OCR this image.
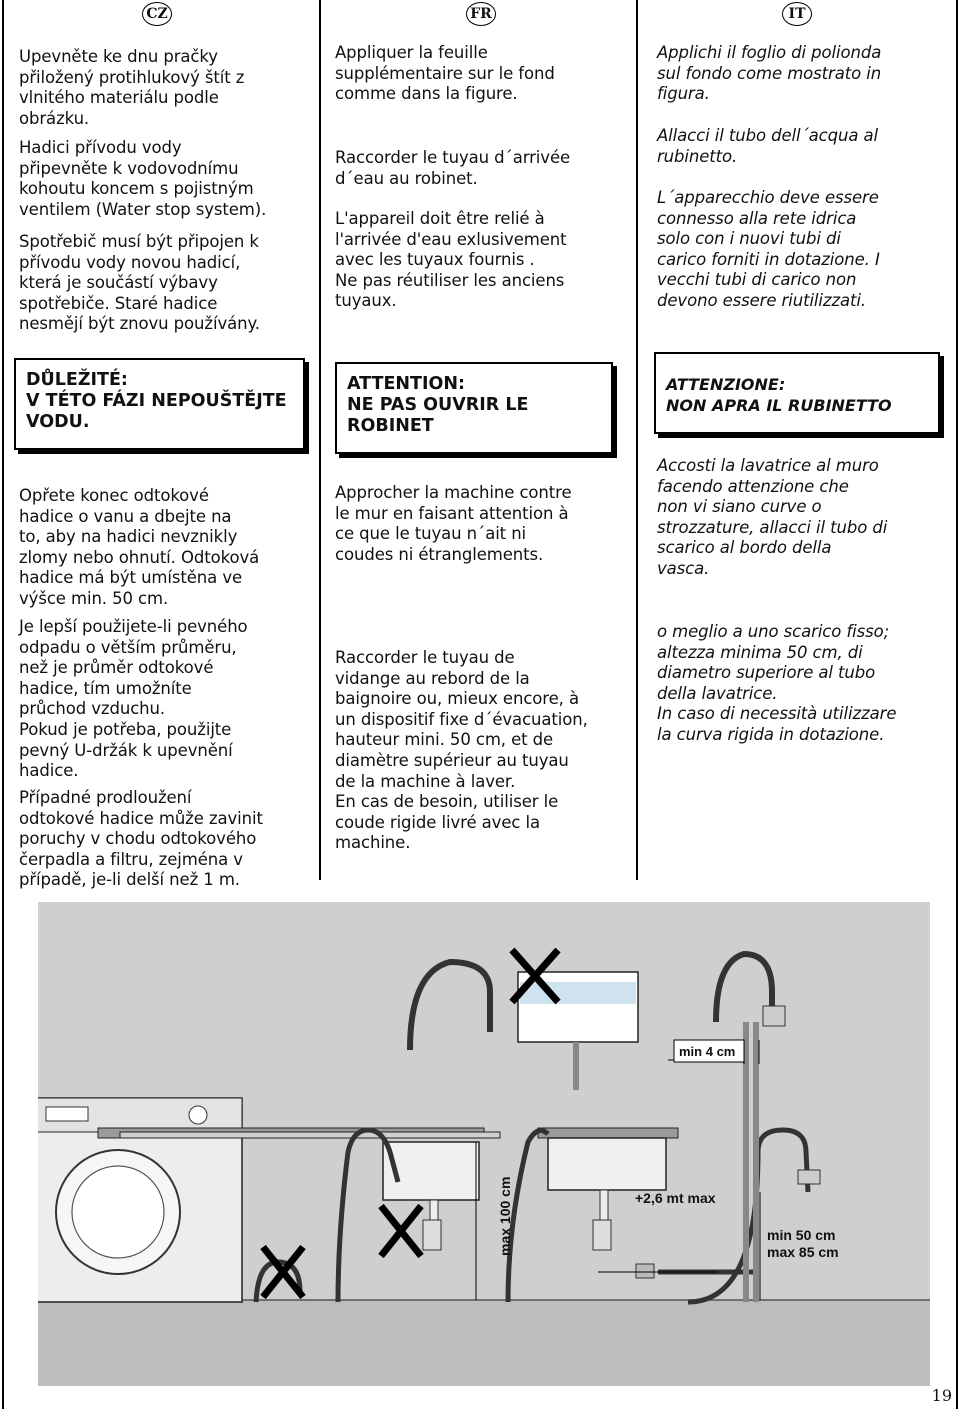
CZ	FR	IT

Upevněte ke dnu pračky
přiložený protihlukový štít z
vlnitého materiálu podle
obrázku.

Hadici přívodu vody
připevněte k vodovodnímu
kohoutu koncem s pojistným
ventilem (Water stop system).

Spotřebič musí být připojen k
přívodu vody novou hadicí,
která je součástí výbavy
spotřebiče. Staré hadice
nesmějí být znovu používány.

DŮLEŽITÉ:
V TÉTO FÁZI NEPOUŠTĚJTE
VODU.

Opřete konec odtokové
hadice o vanu a dbejte na
to, aby na hadici nevznikly
zlomy nebo ohnutí. Odtoková
hadice má být umístěna ve
výšce min. 50 cm.

Je lepší použijete-li pevného
odpadu o větším průměru,
než je průměr odtokové
hadice, tím umožníte
průchod vzduchu.
Pokud je potřeba, použijte
pevný U-držák k upevnění
hadice.

Případné prodloužení
odtokové hadice může zavinit
poruchy v chodu odtokového
čerpadla a filtru, zejména v
případě, je-li delší než 1 m.

Appliquer la feuille
supplémentaire sur le fond
comme dans la figure.

Raccorder le tuyau d´arrivée
d´eau au robinet.

L'appareil doit être relié à
l'arrivée d'eau exlusivement
avec les tuyaux fournis .
Ne pas réutiliser les anciens
tuyaux.

ATTENTION:
NE PAS OUVRIR LE
ROBINET

Approcher la machine contre
le mur en faisant attention à
ce que le tuyau n´ait ni
coudes ni étranglements.

Raccorder le tuyau de
vidange au rebord de la
baignoire ou, mieux encore, à
un dispositif fixe d´évacuation,
hauteur mini. 50 cm, et de
diamètre supérieur au tuyau
de la machine à laver.
En cas de besoin, utiliser le
coude rigide livré avec la
machine.

Applichi il foglio di polionda
sul fondo come mostrato in
figura.

Allacci il tubo dell´acqua al
rubinetto.

L´apparecchio deve essere
connesso alla rete idrica
solo con i nuovi tubi di
carico forniti in dotazione. I
vecchi tubi di carico non
devono essere riutilizzati.

ATTENZIONE:
NON APRA IL RUBINETTO

Accosti la lavatrice al muro
facendo attenzione che
non vi siano curve o
strozzature, allacci il tubo di
scarico al bordo della
vasca.

o meglio a uno scarico fisso;
altezza minima 50 cm, di
diametro superiore al tubo
della lavatrice.
In caso di necessità utilizzare
la curva rigida in dotazione.

min 4 cm
max 100 cm	+2,6 mt max
min 50 cm
max 85 cm
19
